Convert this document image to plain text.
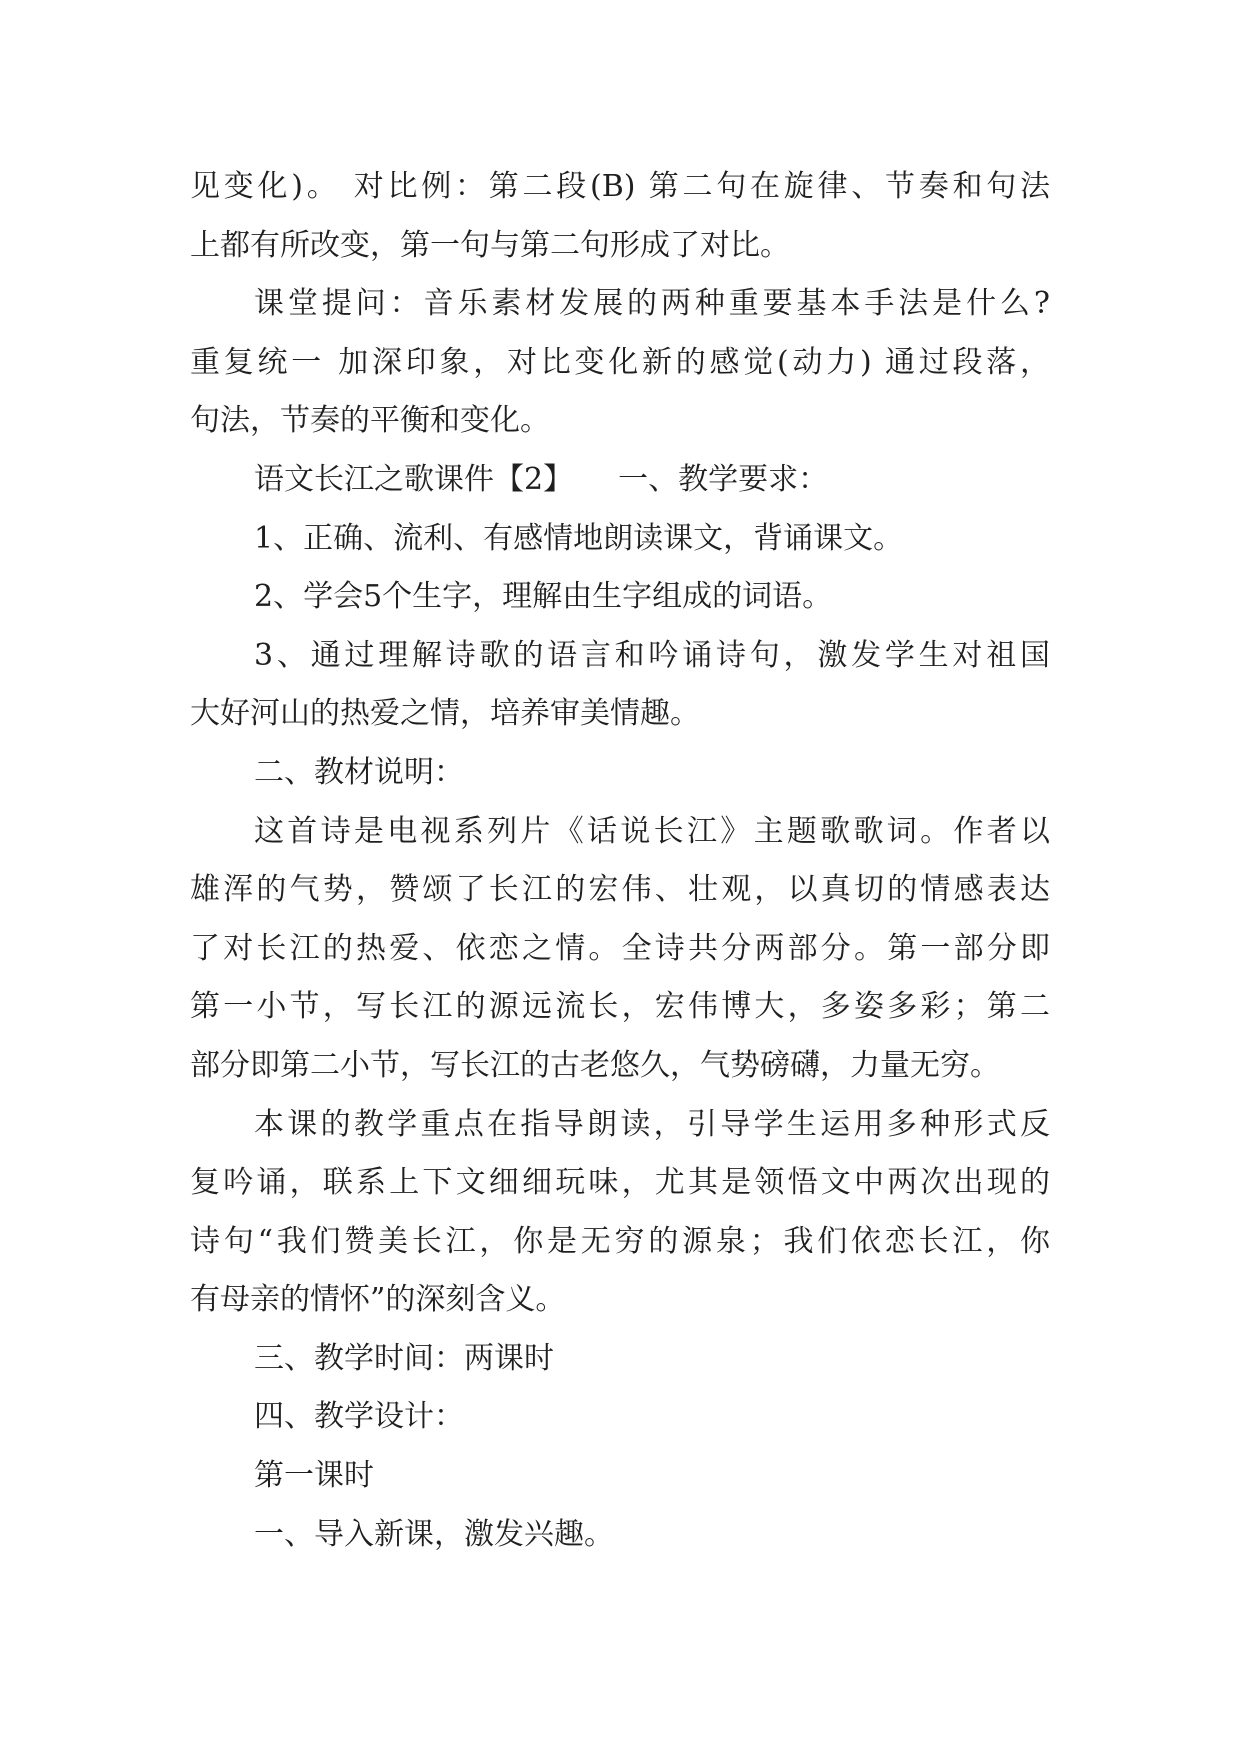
见变化)。 对比例：第二段(B) 第二句在旋律、节奏和句法
上都有所改变，第一句与第二句形成了对比。
课堂提问：音乐素材发展的两种重要基本手法是什么?
重复统一 加深印象，对比变化新的感觉(动力) 通过段落，
句法，节奏的平衡和变化。
语文长江之歌课件【2】　　一、教学要求：
1、正确、流利、有感情地朗读课文，背诵课文。
2、学会5个生字，理解由生字组成的词语。
3、通过理解诗歌的语言和吟诵诗句，激发学生对祖国
大好河山的热爱之情，培养审美情趣。
二、教材说明：
这首诗是电视系列片《话说长江》主题歌歌词。作者以
雄浑的气势，赞颂了长江的宏伟、壮观，以真切的情感表达
了对长江的热爱、依恋之情。全诗共分两部分。第一部分即
第一小节，写长江的源远流长，宏伟博大，多姿多彩；第二
部分即第二小节，写长江的古老悠久，气势磅礴，力量无穷。
本课的教学重点在指导朗读，引导学生运用多种形式反
复吟诵，联系上下文细细玩味，尤其是领悟文中两次出现的
诗句“我们赞美长江，你是无穷的源泉；我们依恋长江，你
有母亲的情怀”的深刻含义。
三、教学时间：两课时
四、教学设计：
第一课时
一、导入新课，激发兴趣。
